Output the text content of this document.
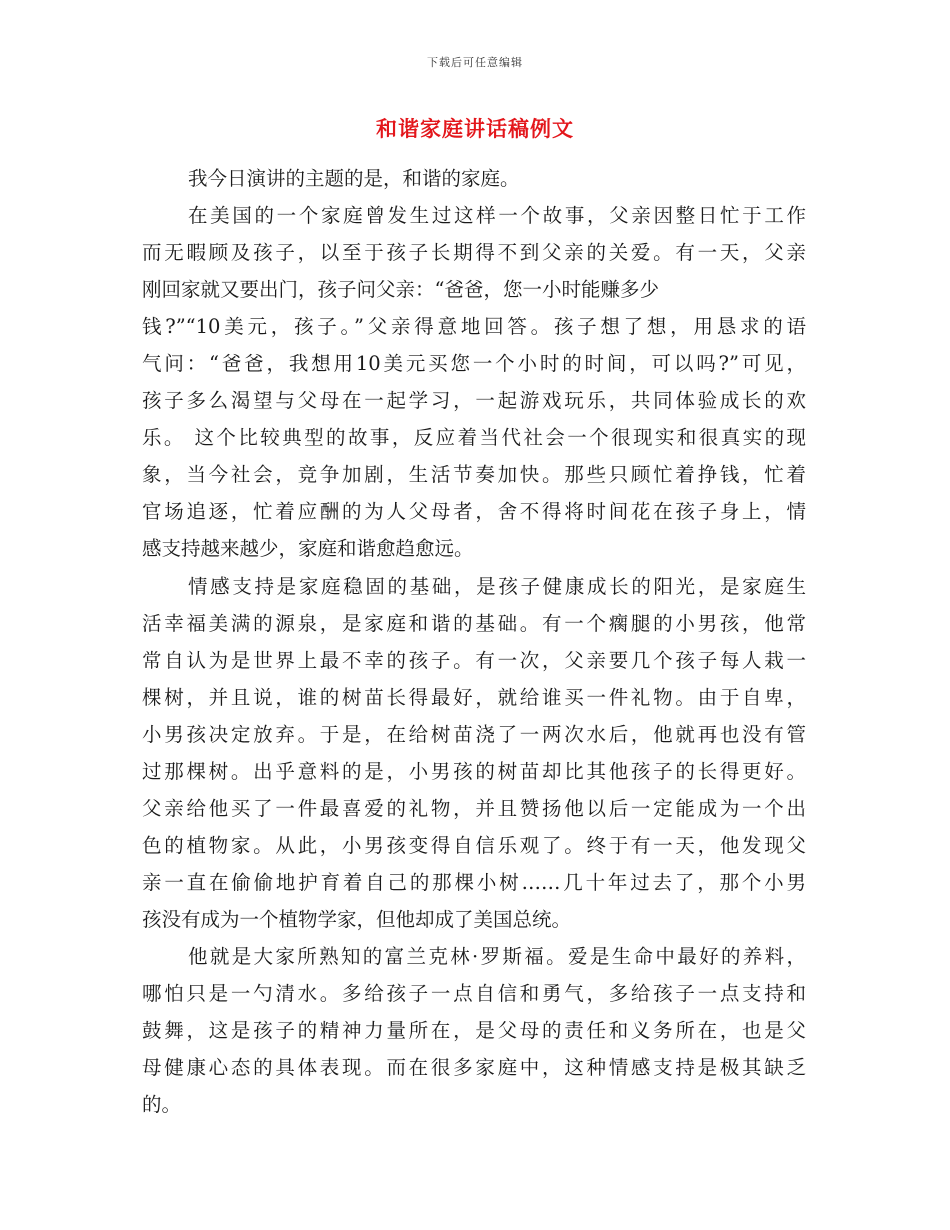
下载后可任意编辑
和谐家庭讲话稿例文
我今日演讲的主题的是，和谐的家庭。
在美国的一个家庭曾发生过这样一个故事，父亲因整日忙于工作
而无暇顾及孩子，以至于孩子长期得不到父亲的关爱。有一天，父亲
刚回家就又要出门，孩子问父亲：“爸爸，您一小时能赚多少
钱?”“10美元，孩子。”父亲得意地回答。孩子想了想，用恳求的语
气问：“爸爸，我想用10美元买您一个小时的时间，可以吗?”可见，
孩子多么渴望与父母在一起学习，一起游戏玩乐，共同体验成长的欢
乐。 这个比较典型的故事，反应着当代社会一个很现实和很真实的现
象，当今社会，竞争加剧，生活节奏加快。那些只顾忙着挣钱，忙着
官场追逐，忙着应酬的为人父母者，舍不得将时间花在孩子身上，情
感支持越来越少，家庭和谐愈趋愈远。
情感支持是家庭稳固的基础，是孩子健康成长的阳光，是家庭生
活幸福美满的源泉，是家庭和谐的基础。有一个瘸腿的小男孩，他常
常自认为是世界上最不幸的孩子。有一次，父亲要几个孩子每人栽一
棵树，并且说，谁的树苗长得最好，就给谁买一件礼物。由于自卑，
小男孩决定放弃。于是，在给树苗浇了一两次水后，他就再也没有管
过那棵树。出乎意料的是，小男孩的树苗却比其他孩子的长得更好。
父亲给他买了一件最喜爱的礼物，并且赞扬他以后一定能成为一个出
色的植物家。从此，小男孩变得自信乐观了。终于有一天，他发现父
亲一直在偷偷地护育着自己的那棵小树……几十年过去了，那个小男
孩没有成为一个植物学家，但他却成了美国总统。
他就是大家所熟知的富兰克林·罗斯福。爱是生命中最好的养料，
哪怕只是一勺清水。多给孩子一点自信和勇气，多给孩子一点支持和
鼓舞，这是孩子的精神力量所在，是父母的责任和义务所在，也是父
母健康心态的具体表现。而在很多家庭中，这种情感支持是极其缺乏
的。
